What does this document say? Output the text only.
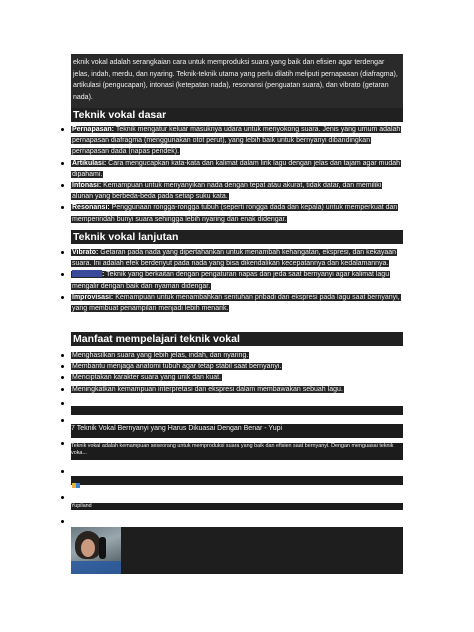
eknik vokal adalah serangkaian cara untuk memproduksi suara yang baik dan efisien agar terdengar jelas, indah, merdu, dan nyaring. Teknik-teknik utama yang perlu dilatih meliputi pernapasan (diafragma), artikulasi (pengucapan), intonasi (ketepatan nada), resonansi (penguatan suara), dan vibrato (getaran nada).
Teknik vokal dasar
Pernapasan: Teknik mengatur keluar masuknya udara untuk menyokong suara. Jenis yang umum adalah pernapasan diafragma (menggunakan otot perut), yang lebih baik untuk bernyanyi dibandingkan pernapasan dada (napas pendek).
Artikulasi: Cara mengucapkan kata-kata dan kalimat dalam lirik lagu dengan jelas dan tajam agar mudah dipahami.
Intonasi: Kemampuan untuk menyanyikan nada dengan tepat atau akurat, tidak datar, dan memiliki alunan yang berbeda-beda pada setiap suku kata.
Resonansi: Penggunaan rongga-rongga tubuh (seperti rongga dada dan kepala) untuk memperkuat dan memperindah bunyi suara sehingga lebih nyaring dan enak didengar.
Teknik vokal lanjutan
Vibrato: Getaran pada nada yang dipertahankan untuk menambah kehangatan, ekspresi, dan kekayaan suara. Ini adalah efek berdenyut pada nada yang bisa dikendalikan kecepatannya dan kedalamannya.
: Teknik yang berkaitan dengan pengaturan napas dan jeda saat bernyanyi agar kalimat lagu mengalir dengan baik dan nyaman didengar.
Improvisasi: Kemampuan untuk menambahkan sentuhan pribadi dan ekspresi pada lagu saat bernyanyi, yang membuat penampilan menjadi lebih menarik.
Manfaat mempelajari teknik vokal
Menghasilkan suara yang lebih jelas, indah, dan nyaring.
Membantu menjaga anatomi tubuh agar tetap stabil saat bernyanyi.
Menciptakan karakter suara yang unik dan kuat.
Meningkatkan kemampuan interpretasi dan ekspresi dalam membawakan sebuah lagu.
7 Teknik Vokal Bernyanyi yang Harus Dikuasai Dengan Benar - Yupi
Teknik vokal adalah kemampuan seseorang untuk memproduksi suara yang baik dan efisien saat bernyanyi. Dengan menguasai teknik voka...
Yupiland
